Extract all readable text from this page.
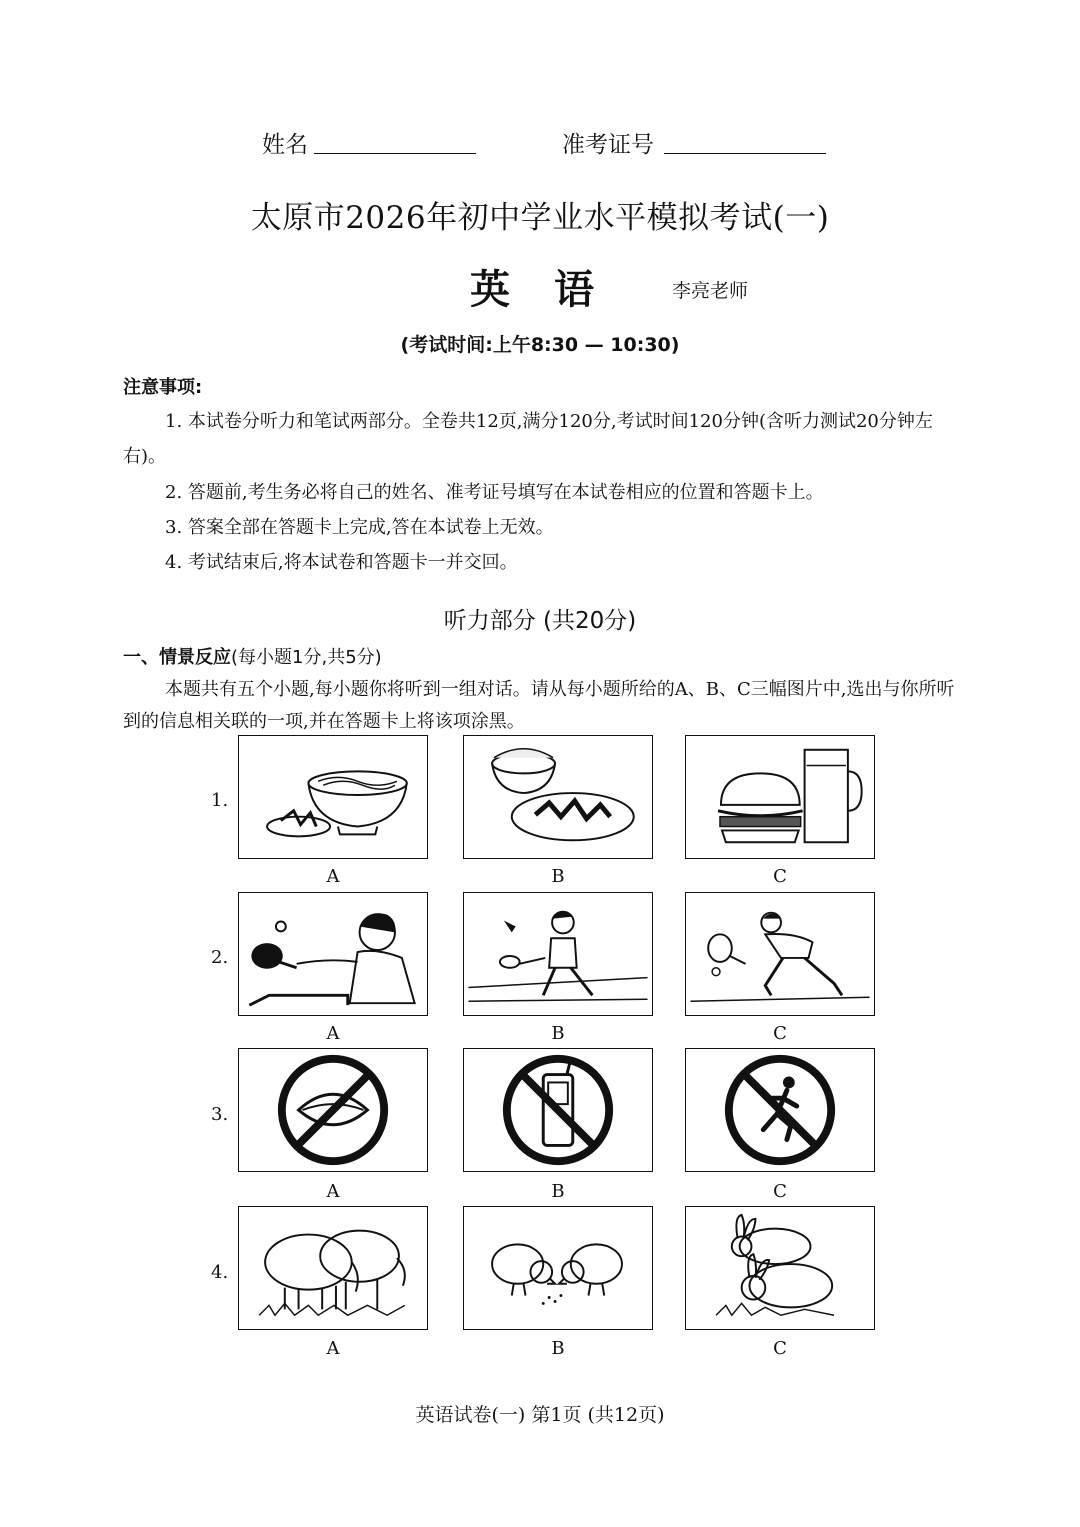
姓名	准考证号
太原市2026年初中学业水平模拟考试(一)
英语 李亮老师
(考试时间:上午8:30 — 10:30)
注意事项:
1. 本试卷分听力和笔试两部分。全卷共12页,满分120分,考试时间120分钟(含听力测试20分钟左右)。
2. 答题前,考生务必将自己的姓名、准考证号填写在本试卷相应的位置和答题卡上。
3. 答案全部在答题卡上完成,答在本试卷上无效。
4. 考试结束后,将本试卷和答题卡一并交回。
听力部分 (共20分)
一、情景反应(每小题1分,共5分)
本题共有五个小题,每小题你将听到一组对话。请从每小题所给的A、B、C三幅图片中,选出与你所听到的信息相关联的一项,并在答题卡上将该项涂黑。
1.
2.
3.
4.
A	B	C
A	B	C
A	B	C
A	B	C
英语试卷(一) 第1页 (共12页)
